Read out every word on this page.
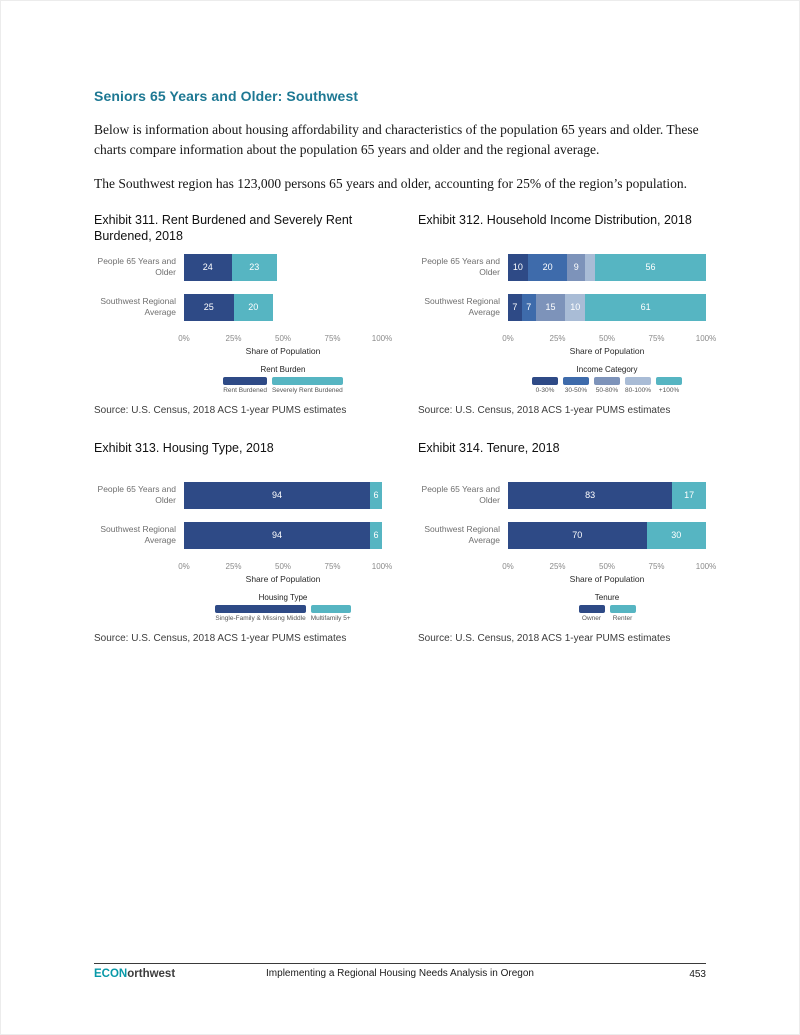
Seniors 65 Years and Older: Southwest

Below is information about housing affordability and characteristics of the population 65 years and older. These charts compare information about the population 65 years and older and the regional average.

The Southwest region has 123,000 persons 65 years and older, accounting for 25% of the region’s population.

Exhibit 311. Rent Burdened and Severely Rent Burdened, 2018
People 65 Years and Older	24	23
Southwest Regional Average	25	20
0%	25%	50%	75%	100%
Share of Population
Rent Burden
Rent Burdened Severely Rent Burdened
Source: U.S. Census, 2018 ACS 1-year PUMS estimates
Exhibit 312. Household Income Distribution, 2018
People 65 Years and Older	10	20	9	56
Southwest Regional Average	7 7	15	10	61
0%	25%	50%	75%	100%
Share of Population
Income Category
0-30% 30-50% 50-80% 80-100% +100%
Source: U.S. Census, 2018 ACS 1-year PUMS estimates
Exhibit 313. Housing Type, 2018
People 65 Years and Older	94	6
Southwest Regional Average	94	6
0%	25%	50%	75%	100%
Share of Population
Housing Type
Single-Family & Missing Middle Multifamily 5+
Source: U.S. Census, 2018 ACS 1-year PUMS estimates
Exhibit 314. Tenure, 2018
People 65 Years and Older	83	17
Southwest Regional Average	70	30
0%	25%	50%	75%	100%
Share of Population
Tenure
Owner Renter
Source: U.S. Census, 2018 ACS 1-year PUMS estimates
ECONorthwest	Implementing a Regional Housing Needs Analysis in Oregon	453
